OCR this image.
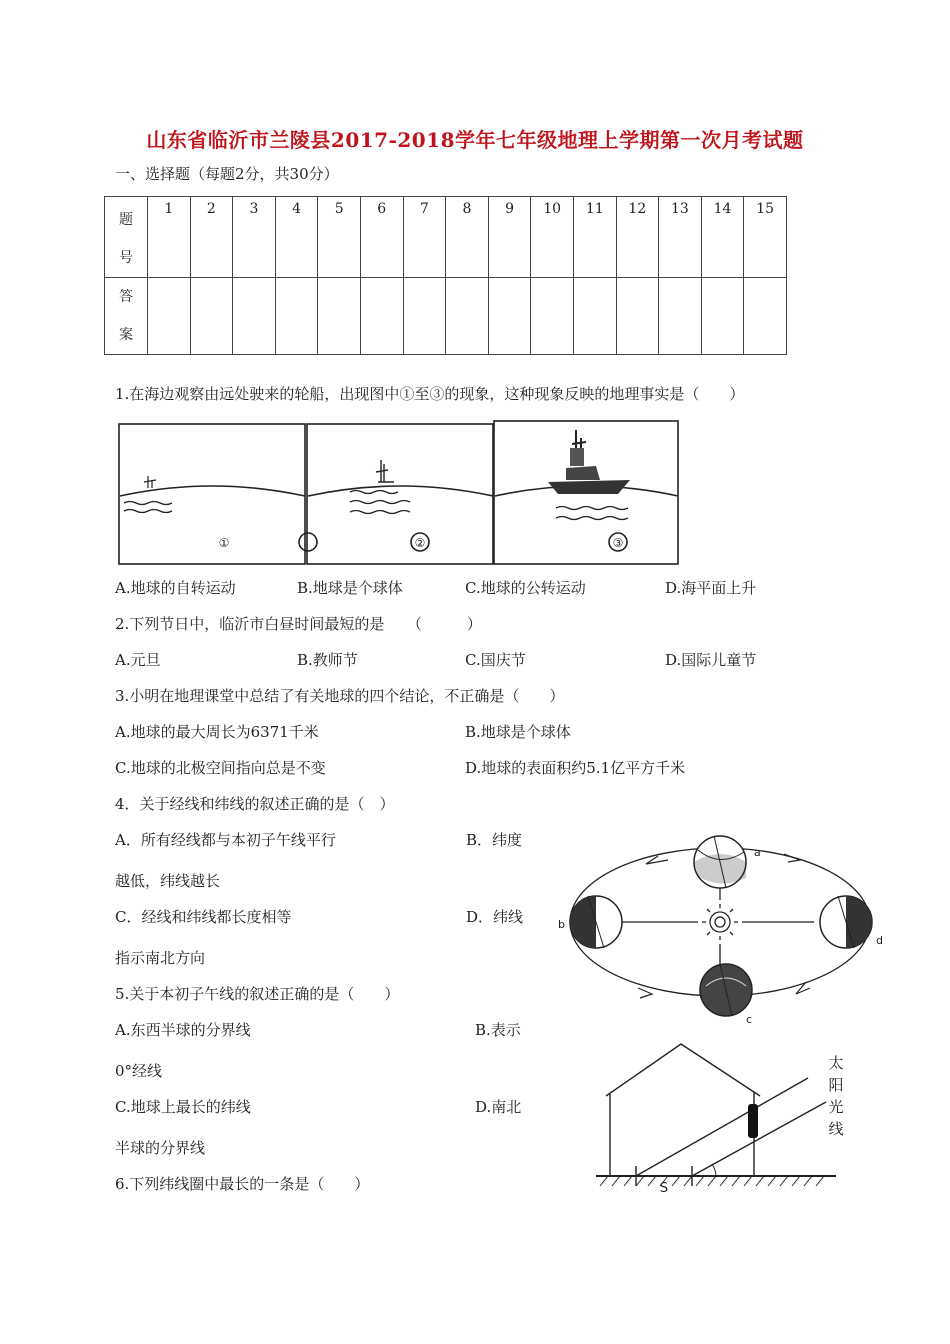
山东省临沂市兰陵县2017-2018学年七年级地理上学期第一次月考试题
一、选择题（每题2分，共30分）
题
号	1	2	3	4	5	6	7	8	9	10	11	12	13	14	15

答
案															

1.在海边观察由远处驶来的轮船，出现图中①至③的现象，这种现象反映的地理事实是（　　）
①	②	③
A.地球的自转运动	B.地球是个球体	C.地球的公转运动	D.海平面上升
2.下列节日中，临沂市白昼时间最短的是　　（　　　）
A.元旦	B.教师节	C.国庆节	D.国际儿童节
3.小明在地理课堂中总结了有关地球的四个结论，不正确是（　　）
A.地球的最大周长为6371千米	B.地球是个球体
C.地球的北极空间指向总是不变	D.地球的表面积约5.1亿平方千米
4．关于经线和纬线的叙述正确的是（　）
A．所有经线都与本初子午线平行	B．纬度
越低，纬线越长
C．经线和纬线都长度相等	D．纬线
指示南北方向
5.关于本初子午线的叙述正确的是（　　）
A.东西半球的分界线	B.表示
0°经线
C.地球上最长的纬线	D.南北
半球的分界线
6.下列纬线圈中最长的一条是（　　）
a
b
c
d
太
阳
光
线
S
